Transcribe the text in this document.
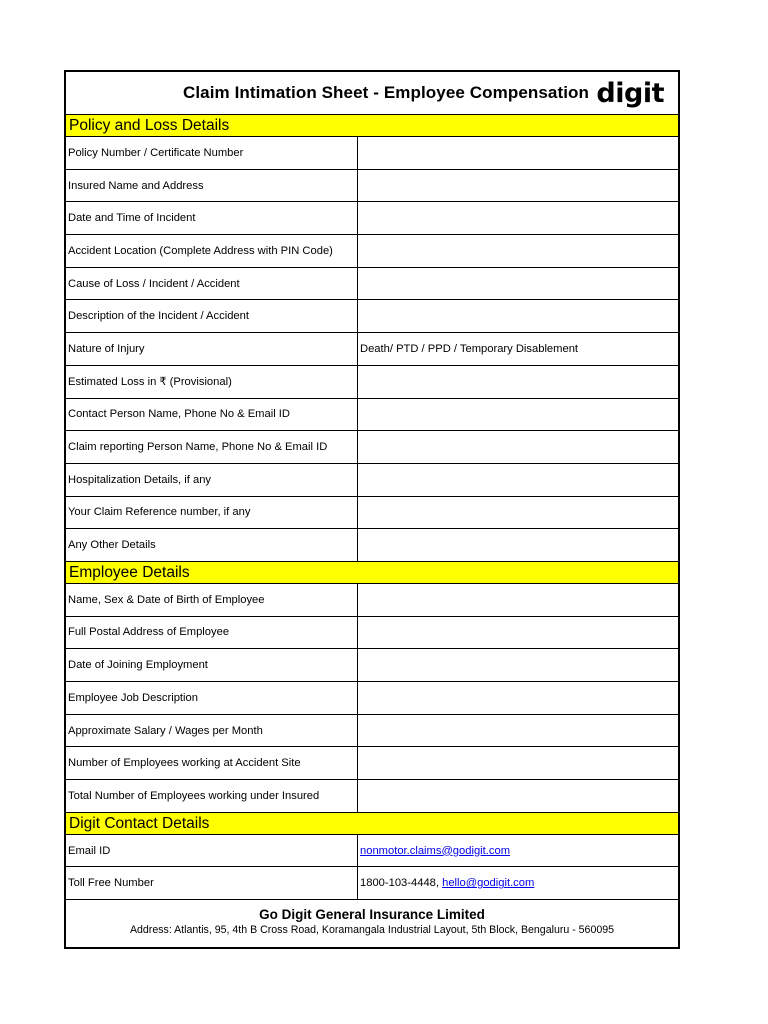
Claim Intimation Sheet - Employee Compensation digit
Policy and Loss Details
Policy Number / Certificate Number
Insured Name and Address
Date and Time of Incident
Accident Location (Complete Address with PIN Code)
Cause of Loss / Incident / Accident
Description of the Incident / Accident
Nature of Injury	Death/ PTD / PPD / Temporary Disablement
Estimated Loss in ₹ (Provisional)
Contact Person Name, Phone No & Email ID
Claim reporting Person Name, Phone No & Email ID
Hospitalization Details, if any
Your Claim Reference number, if any
Any Other Details
Employee Details
Name, Sex & Date of Birth of Employee
Full Postal Address of Employee
Date of Joining Employment
Employee Job Description
Approximate Salary / Wages per Month
Number of Employees working at Accident Site
Total Number of Employees working under Insured
Digit Contact Details
Email ID	nonmotor.claims@godigit.com
Toll Free Number	1800-103-4448, hello@godigit.com
Go Digit General Insurance Limited
Address: Atlantis, 95, 4th B Cross Road, Koramangala Industrial Layout, 5th Block, Bengaluru - 560095
